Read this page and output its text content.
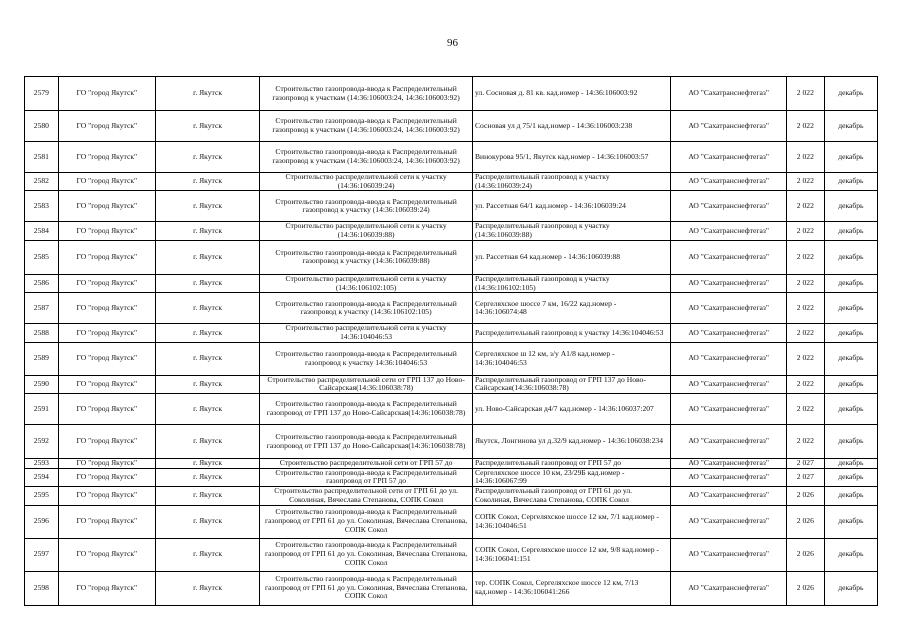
96
2579	ГО "город Якутск"	г. Якутск	Строительство газопровода-ввода к Распределительный газопровод к участкам (14:36:106003:24, 14:36:106003:92)	ул. Сосновая д. 81 кв. кад.номер - 14:36:106003:92	АО "Сахатранснефтегаз"	2 022	декабрь
2580	ГО "город Якутск"	г. Якутск	Строительство газопровода-ввода к Распределительный газопровод к участкам (14:36:106003:24, 14:36:106003:92)	Сосновая ул д 75/1 кад.номер - 14:36:106003:238	АО "Сахатранснефтегаз"	2 022	декабрь
2581	ГО "город Якутск"	г. Якутск	Строительство газопровода-ввода к Распределительный газопровод к участкам (14:36:106003:24, 14:36:106003:92)	Винокурова 95/1, Якутск кад.номер - 14:36:106003:57	АО "Сахатранснефтегаз"	2 022	декабрь
2582	ГО "город Якутск"	г. Якутск	Строительство распределительной сети к участку (14:36:106039:24)	Распределительный газопровод к участку (14:36:106039:24)	АО "Сахатранснефтегаз"	2 022	декабрь
2583	ГО "город Якутск"	г. Якутск	Строительство газопровода-ввода к Распределительный газопровод к участку (14:36:106039:24)	ул. Рассетная 64/1 кад.номер - 14:36:106039:24	АО "Сахатранснефтегаз"	2 022	декабрь
2584	ГО "город Якутск"	г. Якутск	Строительство распределительной сети к участку (14:36:106039:88)	Распределительный газопровод к участку (14:36:106039:88)	АО "Сахатранснефтегаз"	2 022	декабрь
2585	ГО "город Якутск"	г. Якутск	Строительство газопровода-ввода к Распределительный газопровод к участку (14:36:106039:88)	ул. Рассетная 64 кад.номер - 14:36:106039:88	АО "Сахатранснефтегаз"	2 022	декабрь
2586	ГО "город Якутск"	г. Якутск	Строительство распределительной сети к участку (14:36:106102:105)	Распределительный газопровод к участку (14:36:106102:105)	АО "Сахатранснефтегаз"	2 022	декабрь
2587	ГО "город Якутск"	г. Якутск	Строительство газопровода-ввода к Распределительный газопровод к участку (14:36:106102:105)	Сергеляхское шоссе 7 км, 16/22 кад.номер - 14:36:106074:48	АО "Сахатранснефтегаз"	2 022	декабрь
2588	ГО "город Якутск"	г. Якутск	Строительство распределительной сети к участку 14:36:104046:53	Распределительный газопровод к участку 14:36:104046:53	АО "Сахатранснефтегаз"	2 022	декабрь
2589	ГО "город Якутск"	г. Якутск	Строительство газопровода-ввода к Распределительный газопровод к участку 14:36:104046:53	Сергеляхское ш 12 км, з/у А1/8 кад.номер - 14:36:104046:53	АО "Сахатранснефтегаз"	2 022	декабрь
2590	ГО "город Якутск"	г. Якутск	Строительство распределительной сети от ГРП 137 до Ново-Сайсарская(14:36:106038:78)	Распределительный газопровод от ГРП 137 до Ново-Сайсарская(14:36:106038:78)	АО "Сахатранснефтегаз"	2 022	декабрь
2591	ГО "город Якутск"	г. Якутск	Строительство газопровода-ввода к Распределительный газопровод от ГРП 137 до Ново-Сайсарская(14:36:106038:78)	ул. Ново-Сайсарская д4/7 кад.номер - 14:36:106037:207	АО "Сахатранснефтегаз"	2 022	декабрь
2592	ГО "город Якутск"	г. Якутск	Строительство газопровода-ввода к Распределительный газопровод от ГРП 137 до Ново-Сайсарская(14:36:106038:78)	Якутск, Лонгинова ул д.32/9 кад.номер - 14:36:106038:234	АО "Сахатранснефтегаз"	2 022	декабрь
2593	ГО "город Якутск"	г. Якутск	Строительство распределительной сети от ГРП 57 до	Распределительный газопровод от ГРП 57 до	АО "Сахатранснефтегаз"	2 027	декабрь
2594	ГО "город Якутск"	г. Якутск	Строительство газопровода-ввода к Распределительный газопровод от ГРП 57 до	Сергеляхское шоссе 10 км, 23/29Б кад.номер - 14:36:106067:99	АО "Сахатранснефтегаз"	2 027	декабрь
2595	ГО "город Якутск"	г. Якутск	Строительство распределительной сети от ГРП 61 до ул. Соколиная, Вячеслава Степанова, СОПК Сокол	Распределительный газопровод от ГРП 61 до ул. Соколиная, Вячеслава Степанова, СОПК Сокол	АО "Сахатранснефтегаз"	2 026	декабрь
2596	ГО "город Якутск"	г. Якутск	Строительство газопровода-ввода к Распределительный газопровод от ГРП 61 до ул. Соколиная, Вячеслава Степанова, СОПК Сокол	СОПК Сокол, Сергеляхское шоссе 12 км, 7/1 кад.номер - 14:36:104046:51	АО "Сахатранснефтегаз"	2 026	декабрь
2597	ГО "город Якутск"	г. Якутск	Строительство газопровода-ввода к Распределительный газопровод от ГРП 61 до ул. Соколиная, Вячеслава Степанова, СОПК Сокол	СОПК Сокол, Сергеляхское шоссе 12 км, 9/8 кад.номер - 14:36:106041:151	АО "Сахатранснефтегаз"	2 026	декабрь
2598	ГО "город Якутск"	г. Якутск	Строительство газопровода-ввода к Распределительный газопровод от ГРП 61 до ул. Соколиная, Вячеслава Степанова, СОПК Сокол	тер. СОПК Сокол, Сергеляхское шоссе 12 км, 7/13 кад.номер - 14:36:106041:266	АО "Сахатранснефтегаз"	2 026	декабрь
